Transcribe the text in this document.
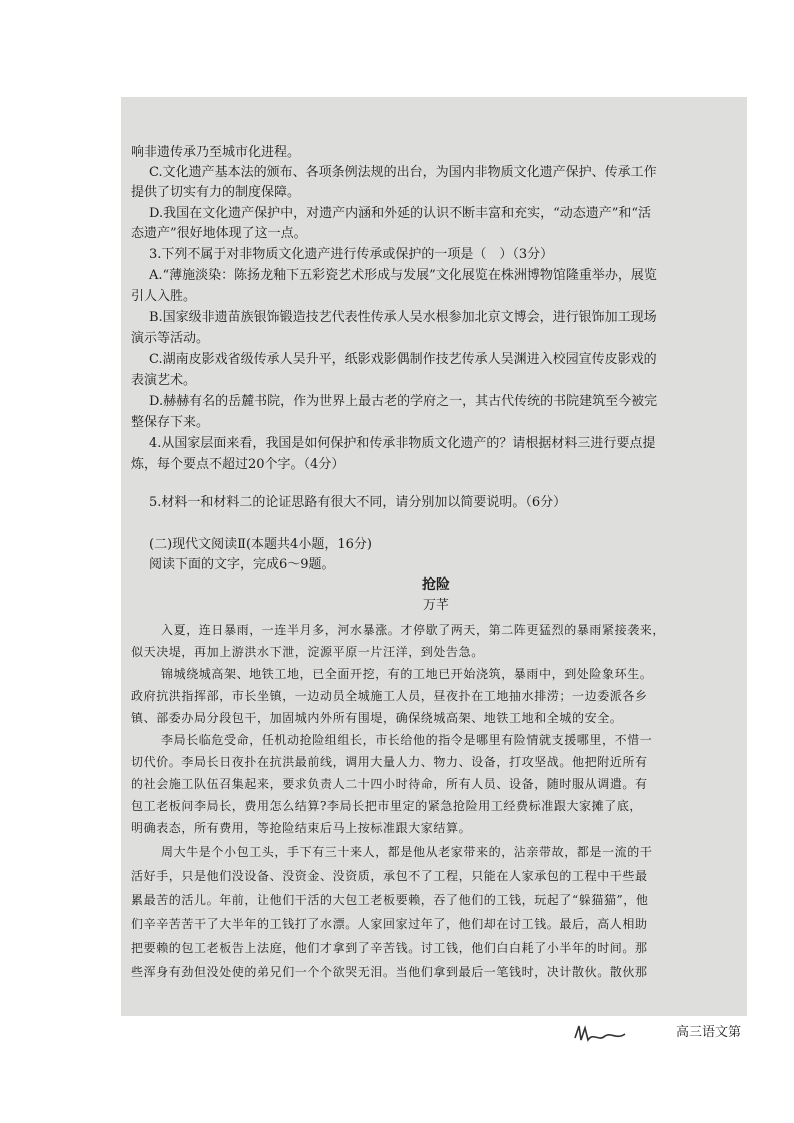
响非遗传承乃至城市化进程。
C.文化遗产基本法的颁布、各项条例法规的出台，为国内非物质文化遗产保护、传承工作
提供了切实有力的制度保障。
D.我国在文化遗产保护中，对遗产内涵和外延的认识不断丰富和充实，“动态遗产”和“活
态遗产”很好地体现了这一点。
3.下列不属于对非物质文化遗产进行传承或保护的一项是（　）（3分）
A.“薄施淡染：陈扬龙釉下五彩瓷艺术形成与发展”文化展览在株洲博物馆隆重举办，展览
引人入胜。
B.国家级非遗苗族银饰锻造技艺代表性传承人吴水根参加北京文博会，进行银饰加工现场
演示等活动。
C.湖南皮影戏省级传承人吴升平，纸影戏影偶制作技艺传承人吴渊进入校园宣传皮影戏的
表演艺术。
D.赫赫有名的岳麓书院，作为世界上最古老的学府之一，其古代传统的书院建筑至今被完
整保存下来。
4.从国家层面来看，我国是如何保护和传承非物质文化遗产的？请根据材料三进行要点提
炼，每个要点不超过20个字。（4分）
5.材料一和材料二的论证思路有很大不同，请分别加以简要说明。（6分）
(二)现代文阅读Ⅱ(本题共4小题，16分)
阅读下面的文字，完成6～9题。
抢险
万芊
入夏，连日暴雨，一连半月多，河水暴涨。才停歇了两天，第二阵更猛烈的暴雨紧接袭来，
似天决堤，再加上游洪水下泄，淀源平原一片汪洋，到处告急。
锦城绕城高架、地铁工地，已全面开挖，有的工地已开始浇筑，暴雨中，到处险象环生。
政府抗洪指挥部，市长坐镇，一边动员全城施工人员，昼夜扑在工地抽水排涝；一边委派各乡
镇、部委办局分段包干，加固城内外所有围堤，确保绕城高架、地铁工地和全城的安全。
李局长临危受命，任机动抢险组组长，市长给他的指令是哪里有险情就支援哪里，不惜一
切代价。李局长日夜扑在抗洪最前线，调用大量人力、物力、设备，打攻坚战。他把附近所有
的社会施工队伍召集起来，要求负责人二十四小时待命，所有人员、设备，随时服从调遣。有
包工老板问李局长，费用怎么结算?李局长把市里定的紧急抢险用工经费标准跟大家摊了底，
明确表态，所有费用，等抢险结束后马上按标准跟大家结算。
周大牛是个小包工头，手下有三十来人，都是他从老家带来的，沾亲带故，都是一流的干
活好手，只是他们没设备、没资金、没资质，承包不了工程，只能在人家承包的工程中干些最
累最苦的活儿。年前，让他们干活的大包工老板要赖，吞了他们的工钱，玩起了“躲猫猫”，他
们辛辛苦苦干了大半年的工钱打了水漂。人家回家过年了，他们却在讨工钱。最后，高人相助
把要赖的包工老板告上法庭，他们才拿到了辛苦钱。讨工钱，他们白白耗了小半年的时间。那
些浑身有劲但没处使的弟兄们一个个欲哭无泪。当他们拿到最后一笔钱时，决计散伙。散伙那
高三语文第
